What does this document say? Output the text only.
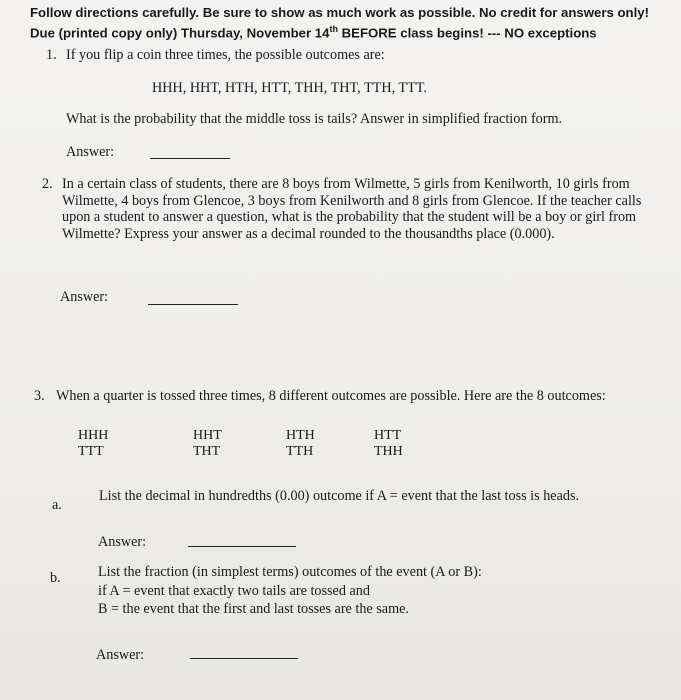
Follow directions carefully. Be sure to show as much work as possible. No credit for answers only! Due (printed copy only) Thursday, November 14th BEFORE class begins! --- NO exceptions
1. If you flip a coin three times, the possible outcomes are:
HHH, HHT, HTH, HTT, THH, THT, TTH, TTT.
What is the probability that the middle toss is tails? Answer in simplified fraction form.
Answer:
2. In a certain class of students, there are 8 boys from Wilmette, 5 girls from Kenilworth, 10 girls from Wilmette, 4 boys from Glencoe, 3 boys from Kenilworth and 8 girls from Glencoe. If the teacher calls upon a student to answer a question, what is the probability that the student will be a boy or girl from Wilmette? Express your answer as a decimal rounded to the thousandths place (0.000).
Answer:
3. When a quarter is tossed three times, 8 different outcomes are possible. Here are the 8 outcomes:
HHH	HHT	HTH	HTT
TTT	THT	TTH	THH
a.
List the decimal in hundredths (0.00) outcome if A = event that the last toss is heads.
Answer:
b.	List the fraction (in simplest terms) outcomes of the event (A or B):
if A = event that exactly two tails are tossed and
B = the event that the first and last tosses are the same.
Answer:
